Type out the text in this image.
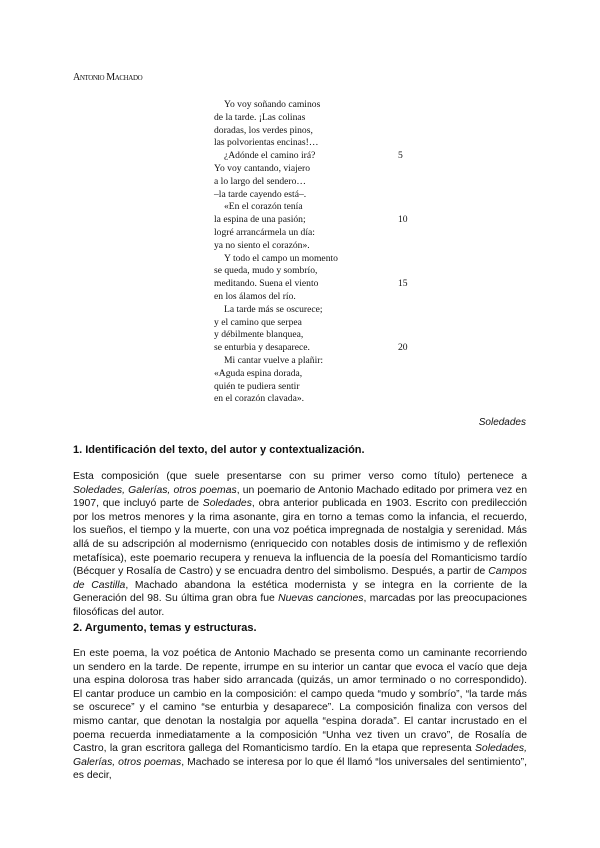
Antonio Machado
Yo voy soñando caminos
de la tarde. ¡Las colinas
doradas, los verdes pinos,
las polvorientas encinas!…
¿Adónde el camino irá?	5
Yo voy cantando, viajero
a lo largo del sendero…
–la tarde cayendo está–.
«En el corazón tenía
la espina de una pasión;	10
logré arrancármela un día:
ya no siento el corazón».
Y todo el campo un momento
se queda, mudo y sombrío,
meditando. Suena el viento	15
en los álamos del río.
La tarde más se oscurece;
y el camino que serpea
y débilmente blanquea,
se enturbia y desaparece.	20
Mi cantar vuelve a plañir:
«Aguda espina dorada,
quién te pudiera sentir
en el corazón clavada».
Soledades
1. Identificación del texto, del autor y contextualización.

Esta composición (que suele presentarse con su primer verso como título) pertenece a Soledades, Galerías, otros poemas, un poemario de Antonio Machado editado por primera vez en 1907, que incluyó parte de Soledades, obra anterior publicada en 1903. Escrito con predilección por los metros menores y la rima asonante, gira en torno a temas como la infancia, el recuerdo, los sueños, el tiempo y la muerte, con una voz poética impregnada de nostalgia y serenidad. Más allá de su adscripción al modernismo (enriquecido con notables dosis de intimismo y de reflexión metafísica), este poemario recupera y renueva la influencia de la poesía del Romanticismo tardío (Bécquer y Rosalía de Castro) y se encuadra dentro del simbolismo. Después, a partir de Campos de Castilla, Machado abandona la estética modernista y se integra en la corriente de la Generación del 98. Su última gran obra fue Nuevas canciones, marcadas por las preocupaciones filosóficas del autor.

2. Argumento, temas y estructuras.

En este poema, la voz poética de Antonio Machado se presenta como un caminante recorriendo un sendero en la tarde. De repente, irrumpe en su interior un cantar que evoca el vacío que deja una espina dolorosa tras haber sido arrancada (quizás, un amor terminado o no correspondido). El cantar produce un cambio en la composición: el campo queda “mudo y sombrío”, “la tarde más se oscurece” y el camino “se enturbia y desaparece”. La composición finaliza con versos del mismo cantar, que denotan la nostalgia por aquella “espina dorada”. El cantar incrustado en el poema recuerda inmediatamente a la composición “Unha vez tiven un cravo”, de Rosalía de Castro, la gran escritora gallega del Romanticismo tardío. En la etapa que representa Soledades, Galerías, otros poemas, Machado se interesa por lo que él llamó “los universales del sentimiento”, es decir,
